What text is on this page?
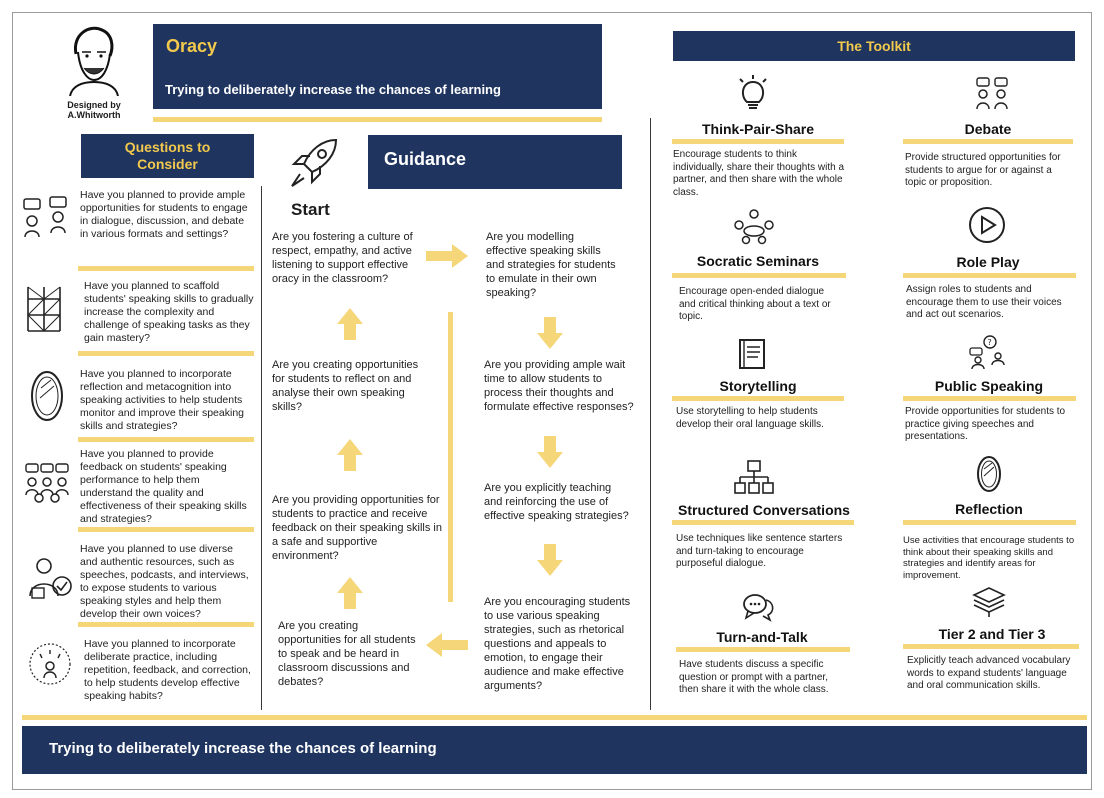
Designed by
A.Whitworth
Oracy
Trying to deliberately increase the chances of learning
Questions to
Consider
Have you planned to provide ample opportunities for students to engage in dialogue, discussion, and debate in various formats and settings?
Have you planned to scaffold students' speaking skills to gradually increase the complexity and challenge of speaking tasks as they gain mastery?
Have you planned to incorporate reflection and metacognition into speaking activities to help students monitor and improve their speaking skills and strategies?
Have you planned to provide feedback on students' speaking performance to help them understand the quality and effectiveness of their speaking skills and strategies?
Have you planned to use diverse and authentic resources, such as speeches, podcasts, and interviews, to expose students to various speaking styles and help them develop their own voices?
Have you planned to incorporate deliberate practice, including repetition, feedback, and correction, to help students develop effective speaking habits?
Guidance
Start
Are you fostering a culture of respect, empathy, and active listening to support effective oracy in the classroom?
Are you creating opportunities for students to reflect on and analyse their own speaking skills?
Are you providing opportunities for students to practice and receive feedback on their speaking skills in a safe and supportive environment?
Are you creating opportunities for all students to speak and be heard in classroom discussions and debates?
Are you modelling effective speaking skills and strategies for students to emulate in their own speaking?
Are you providing ample wait time to allow students to process their thoughts and formulate effective responses?
Are you explicitly teaching and reinforcing the use of effective speaking strategies?
Are you encouraging students to use various speaking strategies, such as rhetorical questions and appeals to emotion, to engage their audience and make effective arguments?
The Toolkit
Think-Pair-Share
Encourage students to think individually, share their thoughts with a partner, and then share with the whole class.
Debate
Provide structured opportunities for students to argue for or against a topic or proposition.
Socratic Seminars
Encourage open-ended dialogue and critical thinking about a text or topic.
Role Play
Assign roles to students and encourage them to use their voices and act out scenarios.
Storytelling
Use storytelling to help students develop their oral language skills.
?
Public Speaking
Provide opportunities for students to practice giving speeches and presentations.
Structured Conversations
Use techniques like sentence starters and turn-taking to encourage purposeful dialogue.
Reflection
Use activities that encourage students to think about their speaking skills and strategies and identify areas for improvement.
Turn-and-Talk
Have students discuss a specific question or prompt with a partner, then share it with the whole class.
Tier 2 and Tier 3
Explicitly teach advanced vocabulary words to expand students' language and oral communication skills.
Trying to deliberately increase the chances of learning
